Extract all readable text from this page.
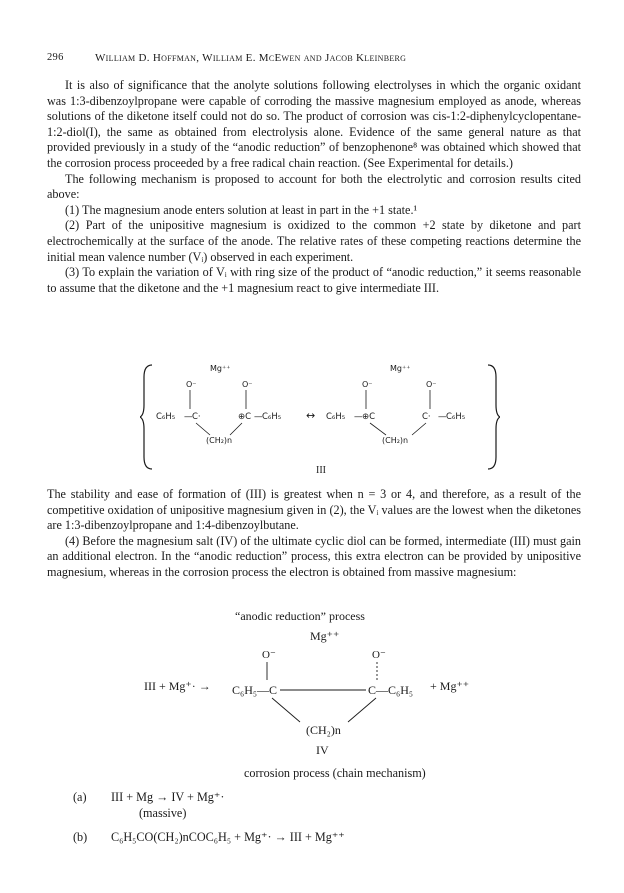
296	William D. Hoffman, William E. McEwen and Jacob Kleinberg

It is also of significance that the anolyte solutions following electrolyses in which the organic oxidant was 1:3-dibenzoylpropane were capable of corroding the massive magnesium employed as anode, whereas solutions of the diketone itself could not do so. The product of corrosion was cis-1:2-diphenylcyclopentane-1:2-diol(I), the same as obtained from electrolysis alone. Evidence of the same general nature as that provided previously in a study of the “anodic reduction” of benzophenone⁸ was obtained which showed that the corrosion process proceeded by a free radical chain reaction. (See Experimental for details.)

The following mechanism is proposed to account for both the electrolytic and corrosion results cited above:

(1) The magnesium anode enters solution at least in part in the +1 state.¹

(2) Part of the unipositive magnesium is oxidized to the common +2 state by diketone and part electrochemically at the surface of the anode. The relative rates of these competing reactions determine the initial mean valence number (Vᵢ) observed in each experiment.

(3) To explain the variation of Vᵢ with ring size of the product of “anodic reduction,” it seems reasonable to assume that the diketone and the +1 magnesium react to give intermediate III.

Mg⁺⁺
O⁻	O⁻
C₆H₅ — C·	⊕C — C₆H₅
(CH₂)n
↔
Mg⁺⁺
O⁻	O⁻
C₆H₅ — ⊕C	C· — C₆H₅
(CH₂)n
III

The stability and ease of formation of (III) is greatest when n = 3 or 4, and therefore, as a result of the competitive oxidation of unipositive magnesium given in (2), the Vᵢ values are the lowest when the diketones are 1:3-dibenzoylpropane and 1:4-dibenzoylbutane.

(4) Before the magnesium salt (IV) of the ultimate cyclic diol can be formed, intermediate (III) must gain an additional electron. In the “anodic reduction” process, this extra electron can be provided by unipositive magnesium, whereas in the corrosion process the electron is obtained from massive magnesium:

“anodic reduction” process
Mg⁺⁺
O⁻	O⁻
III + Mg⁺· → C₆H₅—C	C—C₆H₅ + Mg⁺⁺
(CH₂)n
IV
corrosion process (chain mechanism)
(a) III + Mg → IV + Mg⁺·
(massive)
(b) C₆H₅CO(CH₂)nCOC₆H₅ + Mg⁺· → III + Mg⁺⁺
